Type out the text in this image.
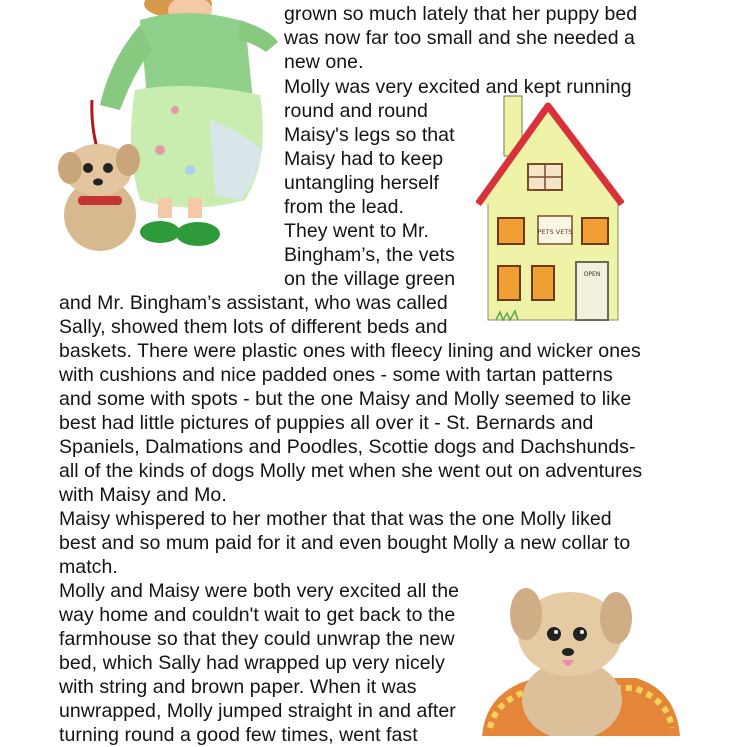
PETS VETS
OPEN
grown so much lately that her puppy bed
was now far too small and she needed a
new one.
Molly was very excited and kept running
round and round
Maisy's legs so that
Maisy had to keep
untangling herself
from the lead.
They went to Mr.
Bingham’s, the vets
on the village green
and Mr. Bingham’s assistant, who was called
Sally, showed them lots of different beds and
baskets. There were plastic ones with fleecy lining and wicker ones
with cushions and nice padded ones - some with tartan patterns
and some with spots - but the one Maisy and Molly seemed to like
best had little pictures of puppies all over it - St. Bernards and
Spaniels, Dalmations and Poodles, Scottie dogs and Dachshunds-
all of the kinds of dogs Molly met when she went out on adventures
with Maisy and Mo.
Maisy whispered to her mother that that was the one Molly liked
best and so mum paid for it and even bought Molly a new collar to
match.
Molly and Maisy were both very excited all the
way home and couldn't wait to get back to the
farmhouse so that they could unwrap the new
bed, which Sally had wrapped up very nicely
with string and brown paper. When it was
unwrapped, Molly jumped straight in and after
turning round a good few times, went fast
